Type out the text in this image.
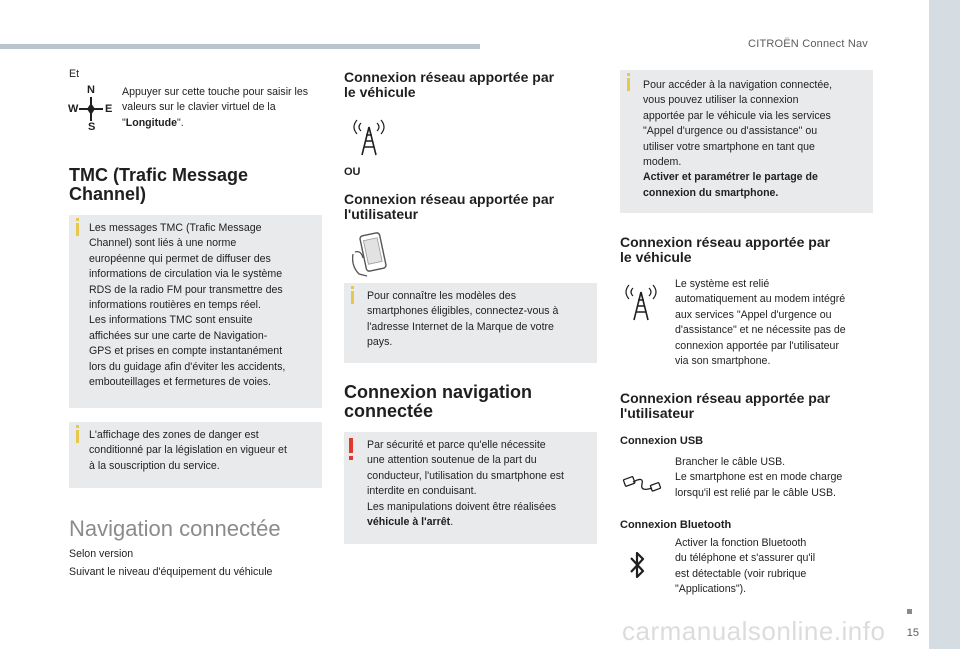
CITROËN Connect Nav
15
Et
N
S
W E
Appuyer sur cette touche pour saisir les valeurs sur le clavier virtuel de la "Longitude".
TMC (Trafic Message
Channel)
Les messages TMC (Trafic Message
Channel) sont liés à une norme
européenne qui permet de diffuser des
informations de circulation via le système
RDS de la radio FM pour transmettre des
informations routières en temps réel.
Les informations TMC sont ensuite
affichées sur une carte de Navigation-
GPS et prises en compte instantanément
lors du guidage afin d'éviter les accidents,
embouteillages et fermetures de voies.
L'affichage des zones de danger est
conditionné par la législation en vigueur et
à la souscription du service.
Navigation connectée
Selon version
Suivant le niveau d'équipement du véhicule
Connexion réseau apportée par
le véhicule
OU
Connexion réseau apportée par
l'utilisateur
Pour connaître les modèles des
smartphones éligibles, connectez-vous à
l'adresse Internet de la Marque de votre
pays.
Connexion navigation
connectée
Par sécurité et parce qu'elle nécessite
une attention soutenue de la part du
conducteur, l'utilisation du smartphone est
interdite en conduisant.
Les manipulations doivent être réalisées
véhicule à l'arrêt.
Pour accéder à la navigation connectée,
vous pouvez utiliser la connexion
apportée par le véhicule via les services
"Appel d'urgence ou d'assistance" ou
utiliser votre smartphone en tant que
modem.
Activer et paramétrer le partage de
connexion du smartphone.
Connexion réseau apportée par
le véhicule
Le système est relié
automatiquement au modem intégré
aux services "Appel d'urgence ou
d'assistance" et ne nécessite pas de
connexion apportée par l'utilisateur
via son smartphone.
Connexion réseau apportée par
l'utilisateur
Connexion USB
Brancher le câble USB.
Le smartphone est en mode charge
lorsqu'il est relié par le câble USB.
Connexion Bluetooth
Activer la fonction Bluetooth
du téléphone et s'assurer qu'il
est détectable (voir rubrique
"Applications").
carmanualsonline.info
